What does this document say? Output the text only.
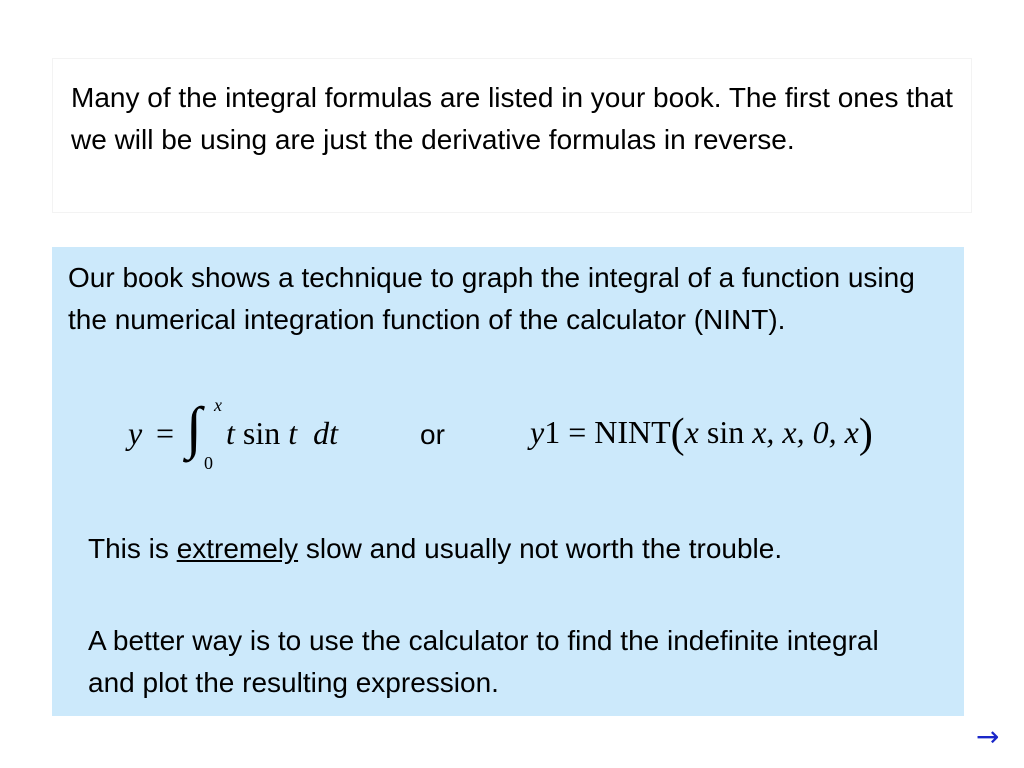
Many of the integral formulas are listed in your book. The first ones that we will be using are just the derivative formulas in reverse.

Our book shows a technique to graph the integral of a function using the numerical integration function of the calculator (NINT).

y = ∫ x
0
t sin t dt	or	y1 = NINT(x sin x, x, 0, x)

This is extremely slow and usually not worth the trouble.

A better way is to use the calculator to find the indefinite integral and plot the resulting expression.

→
